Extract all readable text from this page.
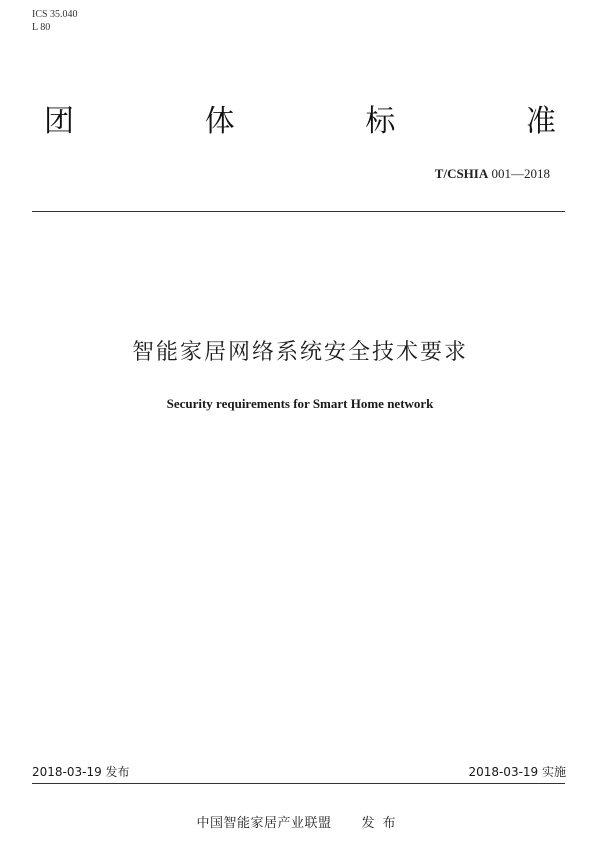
ICS 35.040
L 80
团	体	标	准
T/CSHIA 001—2018
智能家居网络系统安全技术要求
Security requirements for Smart Home network
2018-03-19 发布	2018-03-19 实施
中国智能家居产业联盟 发布
